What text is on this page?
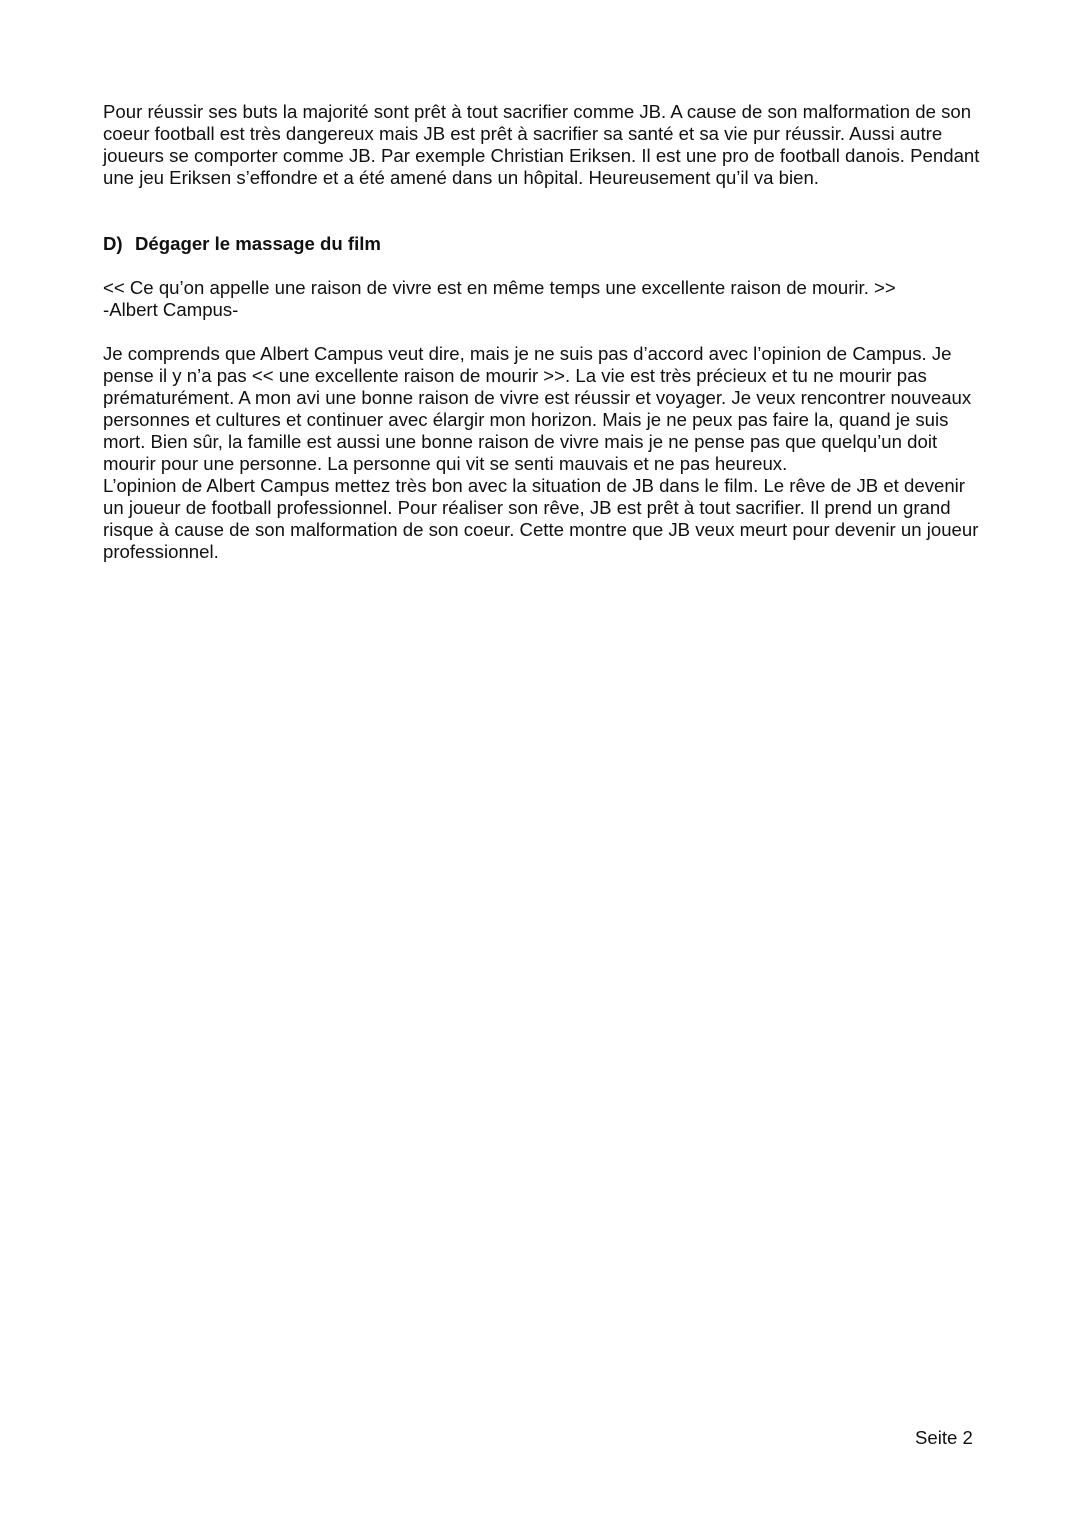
Pour réussir ses buts la majorité sont prêt à tout sacrifier comme JB. A cause de son malformation de son coeur football est très dangereux mais JB est prêt à sacrifier sa santé et sa vie pur réussir. Aussi autre joueurs se comporter comme JB. Par exemple Christian Eriksen. Il est une pro de football danois. Pendant une jeu Eriksen s’effondre et a été amené dans un hôpital. Heureusement qu’il va bien.

D) Dégager le massage du film

<< Ce qu’on appelle une raison de vivre est en même temps une excellente raison de mourir. >>

-Albert Campus-

Je comprends que Albert Campus veut dire, mais je ne suis pas d’accord avec l’opinion de Campus. Je pense il y n’a pas << une excellente raison de mourir >>. La vie est très précieux et tu ne mourir pas prématurément. A mon avi une bonne raison de vivre est réussir et voyager. Je veux rencontrer nouveaux personnes et cultures et continuer avec élargir mon horizon. Mais je ne peux pas faire la, quand je suis mort. Bien sûr, la famille est aussi une bonne raison de vivre mais je ne pense pas que quelqu’un doit mourir pour une personne. La personne qui vit se senti mauvais et ne pas heureux.

L’opinion de Albert Campus mettez très bon avec la situation de JB dans le film. Le rêve de JB et devenir un joueur de football professionnel. Pour réaliser son rêve, JB est prêt à tout sacrifier. Il prend un grand risque à cause de son malformation de son coeur. Cette montre que JB veux meurt pour devenir un joueur professionnel.

Seite 2
